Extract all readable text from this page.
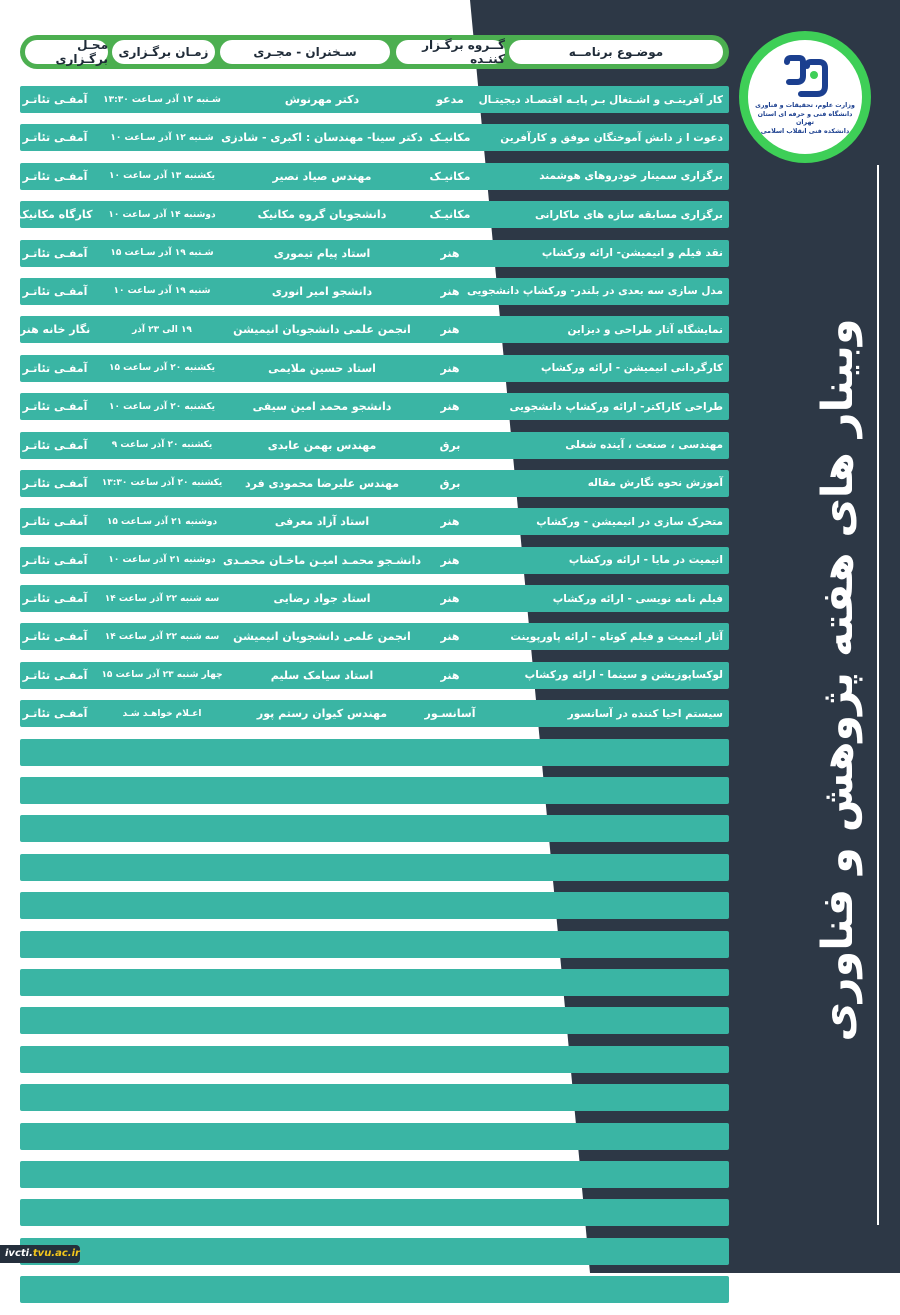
موضـوع برنامــه
گــروه برگـزار کننـده
سـخنران - مجـری
زمـان برگـزاری
محـل برگـزاری
کار آفرینـی و اشـتغال بـر پایـه اقتصـاد دیجیتـال
مدعو
دکتر مهرنوش
شـنبه ۱۲ آذر سـاعت ۱۳:۳۰
آمفـی تئاتـر
دعوت ا ز دانش آموختگان موفق و کارآفرین
مکانیـک
دکتر سینا- مهندسان : اکبری - شادزی
شـنبه ۱۲ آذر سـاعت ۱۰
آمفـی تئاتـر
برگزاری سمینار خودروهای هوشمند
مکانیـک
مهندس صیاد نصیر
یکشنبه ۱۳ آذر ساعت ۱۰
آمفـی تئاتـر
برگزاری مسابقه سازه های ماکارانی
مکانیـک
دانشجویان گروه مکانیک
دوشنبه ۱۴ آذر ساعت ۱۰
کارگاه مکانیک
نقد فیلم و انیمیشن- ارائه ورکشاپ
هنر
استاد پیام تیموری
شـنبه ۱۹ آذر سـاعت ۱۵
آمفـی تئاتـر
مدل سازی سه بعدی در بلندر- ورکشاپ دانشجویی
هنر
دانشجو امیر انوری
شنبه ۱۹ آذر ساعت ۱۰
آمفـی تئاتـر
نمایشگاه آثار طراحی و دیزاین
هنر
انجمن علمی دانشجویان انیمیشن
۱۹ الی ۲۳ آذر
نگار خانه هنر
کارگردانی انیمیشن - ارائه ورکشاپ
هنر
استاد حسین ملایمی
یکشنبه ۲۰ آذر ساعت ۱۵
آمفـی تئاتـر
طراحی کاراکتر- ارائه ورکشاپ دانشجویی
هنر
دانشجو محمد امین سیفی
یکشنبه ۲۰ آذر ساعت ۱۰
آمفـی تئاتـر
مهندسی ، صنعت ، آینده شغلی
برق
مهندس بهمن عابدی
یکشنبه ۲۰ آذر ساعت ۹
آمفـی تئاتـر
آموزش نحوه نگارش مقاله
برق
مهندس علیرضا محمودی فرد
یکشنبه ۲۰ آذر ساعت ۱۳:۳۰
آمفـی تئاتـر
متحرک سازی در انیمیشن - ورکشاپ
هنر
استاد آزاد معرفی
دوشنبه ۲۱ آذر سـاعت ۱۵
آمفـی تئاتـر
انیمیت در مایا - ارائه ورکشاپ
هنر
دانشـجو محمـد امیـن ماخـان محمـدی
دوشنبه ۲۱ آذر ساعت ۱۰
آمفـی تئاتـر
فیلم نامه نویسی - ارائه ورکشاپ
هنر
استاد جواد رضایی
سه شنبه ۲۲ آذر ساعت ۱۴
آمفـی تئاتـر
آثار انیمیت و فیلم کوتاه - ارائه پاورپوینت
هنر
انجمن علمی دانشجویان انیمیشن
سه شنبه ۲۲ آذر ساعت ۱۴
آمفـی تئاتـر
لوکساپوزیشن و سینما - ارائه ورکشاپ
هنر
استاد سیامک سلیم
چهار شنبه ۲۳ آذر ساعت ۱۵
آمفـی تئاتـر
سیستم احیا کننده در آسانسور
آسانسـور
مهندس کیوان رستم پور
اعـلام خواهـد شـد
آمفـی تئاتـر	وبینار های هفته پژوهش و فناوری
وزارت علوم، تحقیقات و فناوری
دانشگاه فنی و حرفه ای استان تهران
دانشکده فنی انقلاب اسلامی
ivcti.tvu.ac.ir
